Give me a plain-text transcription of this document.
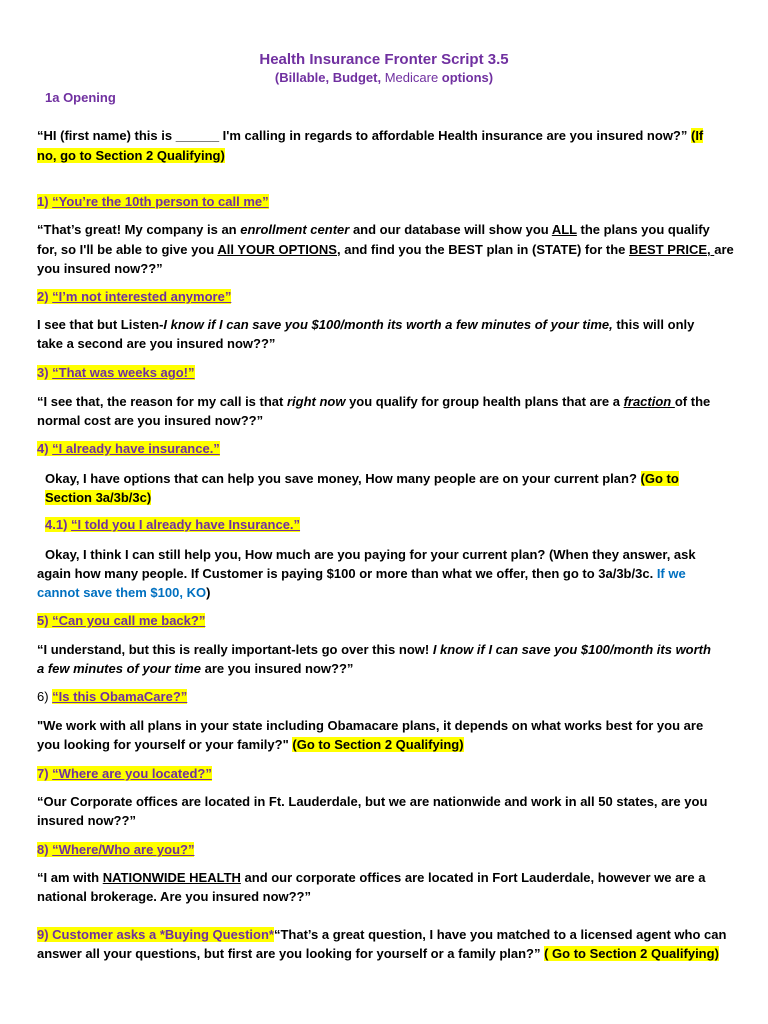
Health Insurance Fronter Script 3.5
(Billable, Budget, Medicare options)
1a Opening
“HI (first name) this is ______ I'm calling in regards to affordable Health insurance are you insured now?” (If
no, go to Section 2 Qualifying)
1) “You’re the 10th person to call me”
“That’s great! My company is an enrollment center and our database will show you ALL the plans you qualify
for, so I'll be able to give you All YOUR OPTIONS, and find you the BEST plan in (STATE) for the BEST PRICE, are
you insured now??”
2) “I’m not interested anymore”
I see that but Listen-I know if I can save you $100/month its worth a few minutes of your time, this will only
take a second are you insured now??”
3) “That was weeks ago!”
“I see that, the reason for my call is that right now you qualify for group health plans that are a fraction of the
normal cost are you insured now??”
4) “I already have insurance.”
Okay, I have options that can help you save money, How many people are on your current plan? (Go to
Section 3a/3b/3c)
4.1) “I told you I already have Insurance.”
Okay, I think I can still help you, How much are you paying for your current plan? (When they answer, ask
again how many people. If Customer is paying $100 or more than what we offer, then go to 3a/3b/3c. If we
cannot save them $100, KO)
5) “Can you call me back?”
“I understand, but this is really important-lets go over this now! I know if I can save you $100/month its worth
a few minutes of your time are you insured now??”
6) “Is this ObamaCare?”
"We work with all plans in your state including Obamacare plans, it depends on what works best for you are
you looking for yourself or your family?" (Go to Section 2 Qualifying)
7) “Where are you located?”
“Our Corporate offices are located in Ft. Lauderdale, but we are nationwide and work in all 50 states, are you
insured now??”
8) “Where/Who are you?”
“I am with NATIONWIDE HEALTH and our corporate offices are located in Fort Lauderdale, however we are a
national brokerage. Are you insured now??”
9) Customer asks a *Buying Question*“That’s a great question, I have you matched to a licensed agent who can
answer all your questions, but first are you looking for yourself or a family plan?” ( Go to Section 2 Qualifying)
